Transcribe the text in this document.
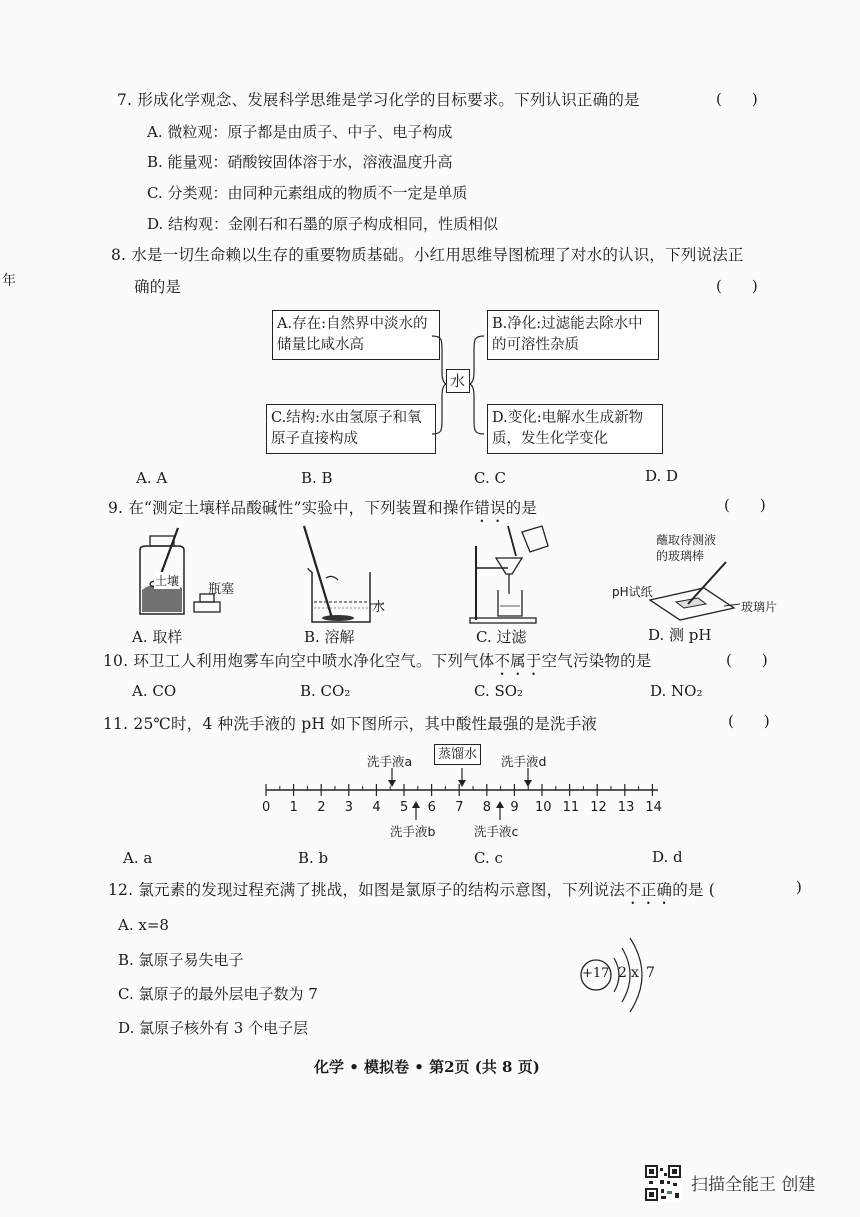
年
7. 形成化学观念、发展科学思维是学习化学的目标要求。下列认识正确的是	(　　)
A. 微粒观：原子都是由质子、中子、电子构成
B. 能量观：硝酸铵固体溶于水，溶液温度升高
C. 分类观：由同种元素组成的物质不一定是单质
D. 结构观：金刚石和石墨的原子构成相同，性质相似
8. 水是一切生命赖以生存的重要物质基础。小红用思维导图梳理了对水的认识，下列说法正
确的是	(　　)
A.存在:自然界中淡水的储量比咸水高
B.净化:过滤能去除水中的可溶性杂质
C.结构:水由氢原子和氧原子直接构成
D.变化:电解水生成新物质，发生化学变化
水
A. A	B. B	C. C	D. D
9. 在“测定土壤样品酸碱性”实验中，下列装置和操作错误的是	(　　)
土壤
瓶塞
水
蘸取待测液
的玻璃棒
pH试纸
玻璃片
A. 取样	B. 溶解	C. 过滤	D. 测 pH
10. 环卫工人利用炮雾车向空中喷水净化空气。下列气体不属于空气污染物的是	(　　)
A. CO	B. CO₂	C. SO₂	D. NO₂
11. 25℃时，4 种洗手液的 pH 如下图所示，其中酸性最强的是洗手液	(　　)
洗手液a	蒸馏水	洗手液d
0 1 2 3 4 5 6 7 8 9 10 11 12 13 14
洗手液b	洗手液c
A. a	B. b	C. c	D. d
12. 氯元素的发现过程充满了挑战，如图是氯原子的结构示意图，下列说法不正确的是 (	)
A. x=8
B. 氯原子易失电子
C. 氯原子的最外层电子数为 7
D. 氯原子核外有 3 个电子层
+17 2 x 7
化学 • 模拟卷 • 第2页 (共 8 页)
扫描全能王 创建
